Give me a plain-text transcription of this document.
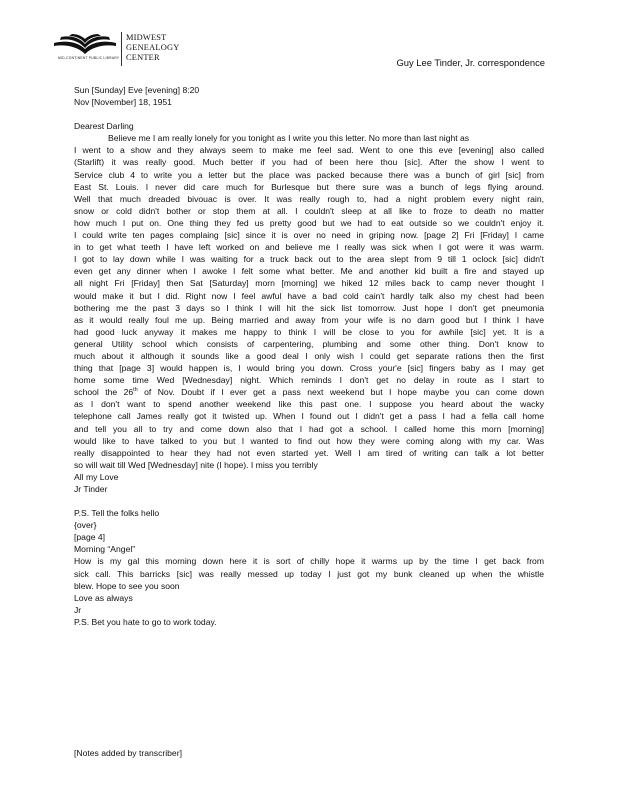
MID-CONTINENT PUBLIC LIBRARY
MIDWEST
GENEALOGY
CENTER	Guy Lee Tinder, Jr. correspondence
Sun [Sunday] Eve [evening] 8:20
Nov [November] 18, 1951
Dearest Darling
Believe me I am really lonely for you tonight as I write you this letter. No more than last night as
I went to a show and they always seem to make me feel sad. Went to one this eve [evening] also called
(Starlift) it was really good. Much better if you had of been here thou [sic]. After the show I went to
Service club 4 to write you a letter but the place was packed because there was a bunch of girl [sic] from
East St. Louis. I never did care much for Burlesque but there sure was a bunch of legs flying around.
Well that much dreaded bivouac is over. It was really rough to, had a night problem every night rain,
snow or cold didn't bother or stop them at all. I couldn't sleep at all like to froze to death no matter
how much I put on. One thing they fed us pretty good but we had to eat outside so we couldn't enjoy it.
I could write ten pages complaing [sic] since it is over no need in griping now. [page 2] Fri [Friday] I came
in to get what teeth I have left worked on and believe me I really was sick when I got were it was warm.
I got to lay down while I was waiting for a truck back out to the area slept from 9 till 1 oclock [sic] didn't
even get any dinner when I awoke I felt some what better. Me and another kid built a fire and stayed up
all night Fri [Friday] then Sat [Saturday] morn [morning] we hiked 12 miles back to camp never thought I
would make it but I did. Right now I feel awful have a bad cold cain't hardly talk also my chest had been
bothering me the past 3 days so I think I will hit the sick list tomorrow. Just hope I don't get pneumonia
as it would really foul me up. Being married and away from your wife is no darn good but I think I have
had good luck anyway it makes me happy to think I will be close to you for awhile [sic] yet. It is a
general Utility school which consists of carpentering, plumbing and some other thing. Don't know to
much about it although it sounds like a good deal I only wish I could get separate rations then the first
thing that [page 3] would happen is, I would bring you down. Cross your'e [sic] fingers baby as I may get
home some time Wed [Wednesday] night. Which reminds I don't get no delay in route as I start to
school the 26th of Nov. Doubt if I ever get a pass next weekend but I hope maybe you can come down
as I don't want to spend another weekend like this past one. I suppose you heard about the wacky
telephone call James really got it twisted up. When I found out I didn't get a pass I had a fella call home
and tell you all to try and come down also that I had got a school. I called home this morn [morning]
would like to have talked to you but I wanted to find out how they were coming along with my car. Was
really disappointed to hear they had not even started yet. Well I am tired of writing can talk a lot better
so will wait till Wed [Wednesday] nite (I hope). I miss you terribly
All my Love
Jr Tinder
P.S. Tell the folks hello
{over}
[page 4]
Morning “Angel”
How is my gal this morning down here it is sort of chilly hope it warms up by the time I get back from
sick call. This barricks [sic] was really messed up today I just got my bunk cleaned up when the whistle
blew. Hope to see you soon
Love as always
Jr
P.S. Bet you hate to go to work today.
[Notes added by transcriber]
